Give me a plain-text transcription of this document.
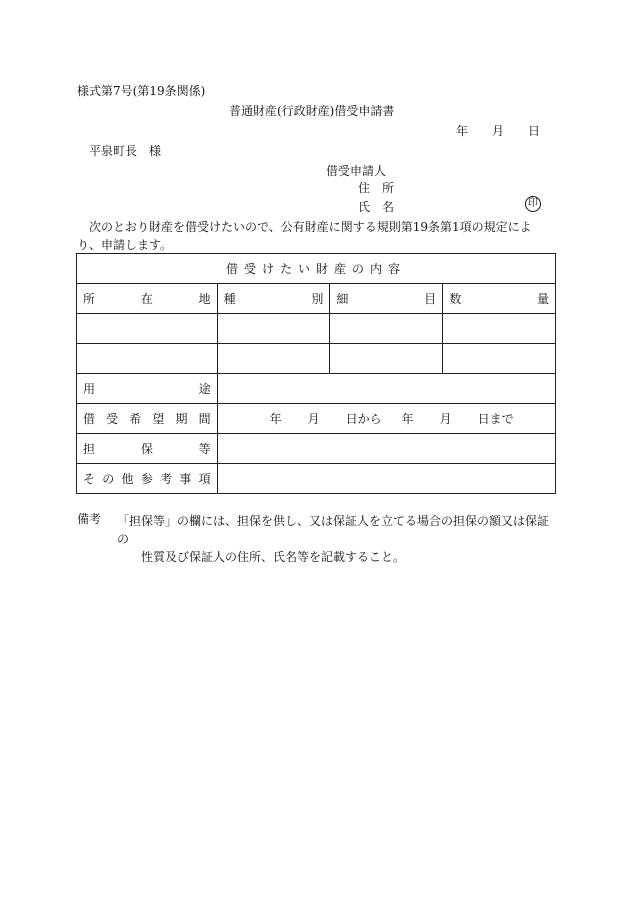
様式第7号(第19条関係)
普通財産(行政財産)借受申請書
年 月 日
平泉町長　様
借受申請人
住　所
氏　名	印
次のとおり財産を借受けたいので、公有財産に関する規則第19条第1項の規定により、申請します。
借受けたい財産の内容			
所在地	種別	細目	数量

用途			
借受希望期間	年 月 日から 年 月 日まで		
担保等			
その他参考事項			
備考 「担保等」の欄には、担保を供し、又は保証人を立てる場合の担保の額又は保証の
性質及び保証人の住所、氏名等を記載すること。
